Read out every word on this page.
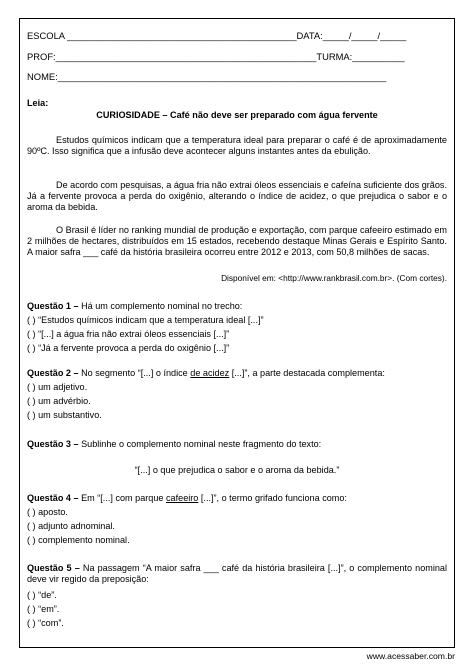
ESCOLA ____________________________________________DATA:_____/_____/_____
PROF:__________________________________________________TURMA:__________
NOME:_______________________________________________________________
Leia:
CURIOSIDADE – Café não deve ser preparado com água fervente
Estudos químicos indicam que a temperatura ideal para preparar o café é de aproximadamente 90ºC. Isso significa que a infusão deve acontecer alguns instantes antes da ebulição.
De acordo com pesquisas, a água fria não extrai óleos essenciais e cafeína suficiente dos grãos. Já a fervente provoca a perda do oxigênio, alterando o índice de acidez, o que prejudica o sabor e o aroma da bebida.
O Brasil é líder no ranking mundial de produção e exportação, com parque cafeeiro estimado em 2 milhões de hectares, distribuídos em 15 estados, recebendo destaque Minas Gerais e Espírito Santo. A maior safra ___ café da história brasileira ocorreu entre 2012 e 2013, com 50,8 milhões de sacas.
Disponível em: <http://www.rankbrasil.com.br>. (Com cortes).
Questão 1 – Há um complemento nominal no trecho:
( ) “Estudos químicos indicam que a temperatura ideal [...]”
( ) “[...] a água fria não extrai óleos essenciais [...]”
( ) “Já a fervente provoca a perda do oxigênio [...]”
Questão 2 – No segmento “[...] o índice de acidez [...]”, a parte destacada complementa:
( ) um adjetivo.
( ) um advérbio.
( ) um substantivo.
Questão 3 – Sublinhe o complemento nominal neste fragmento do texto:
“[...] o que prejudica o sabor e o aroma da bebida.”
Questão 4 – Em “[...] com parque cafeeiro [...]”, o termo grifado funciona como:
( ) aposto.
( ) adjunto adnominal.
( ) complemento nominal.
Questão 5 – Na passagem “A maior safra ___ café da história brasileira [...]”, o complemento nominal deve vir regido da preposição:
( ) “de”.
( ) “em”.
( ) “com”.
www.acessaber.com.br
